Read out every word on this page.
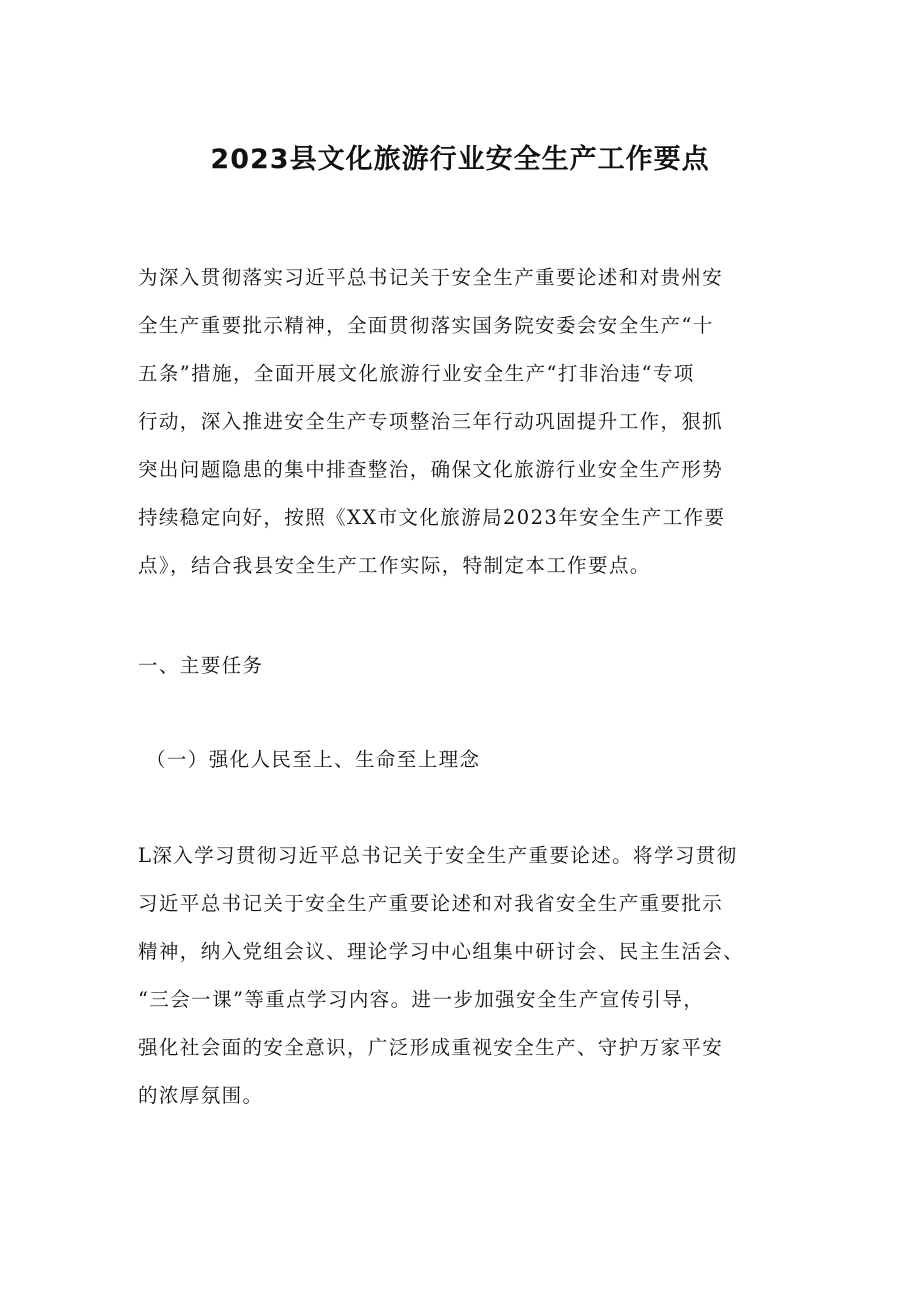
2023县文化旅游行业安全生产工作要点

为深入贯彻落实习近平总书记关于安全生产重要论述和对贵州安
全生产重要批示精神，全面贯彻落实国务院安委会安全生产“十
五条”措施，全面开展文化旅游行业安全生产“打非治违“专项
行动，深入推进安全生产专项整治三年行动巩固提升工作，狠抓
突出问题隐患的集中排查整治，确保文化旅游行业安全生产形势
持续稳定向好，按照《XX市文化旅游局2023年安全生产工作要
点》，结合我县安全生产工作实际，特制定本工作要点。

一、主要任务

（一）强化人民至上、生命至上理念

L深入学习贯彻习近平总书记关于安全生产重要论述。将学习贯彻
习近平总书记关于安全生产重要论述和对我省安全生产重要批示
精神，纳入党组会议、理论学习中心组集中研讨会、民主生活会、
“三会一课”等重点学习内容。进一步加强安全生产宣传引导，
强化社会面的安全意识，广泛形成重视安全生产、守护万家平安
的浓厚氛围。
